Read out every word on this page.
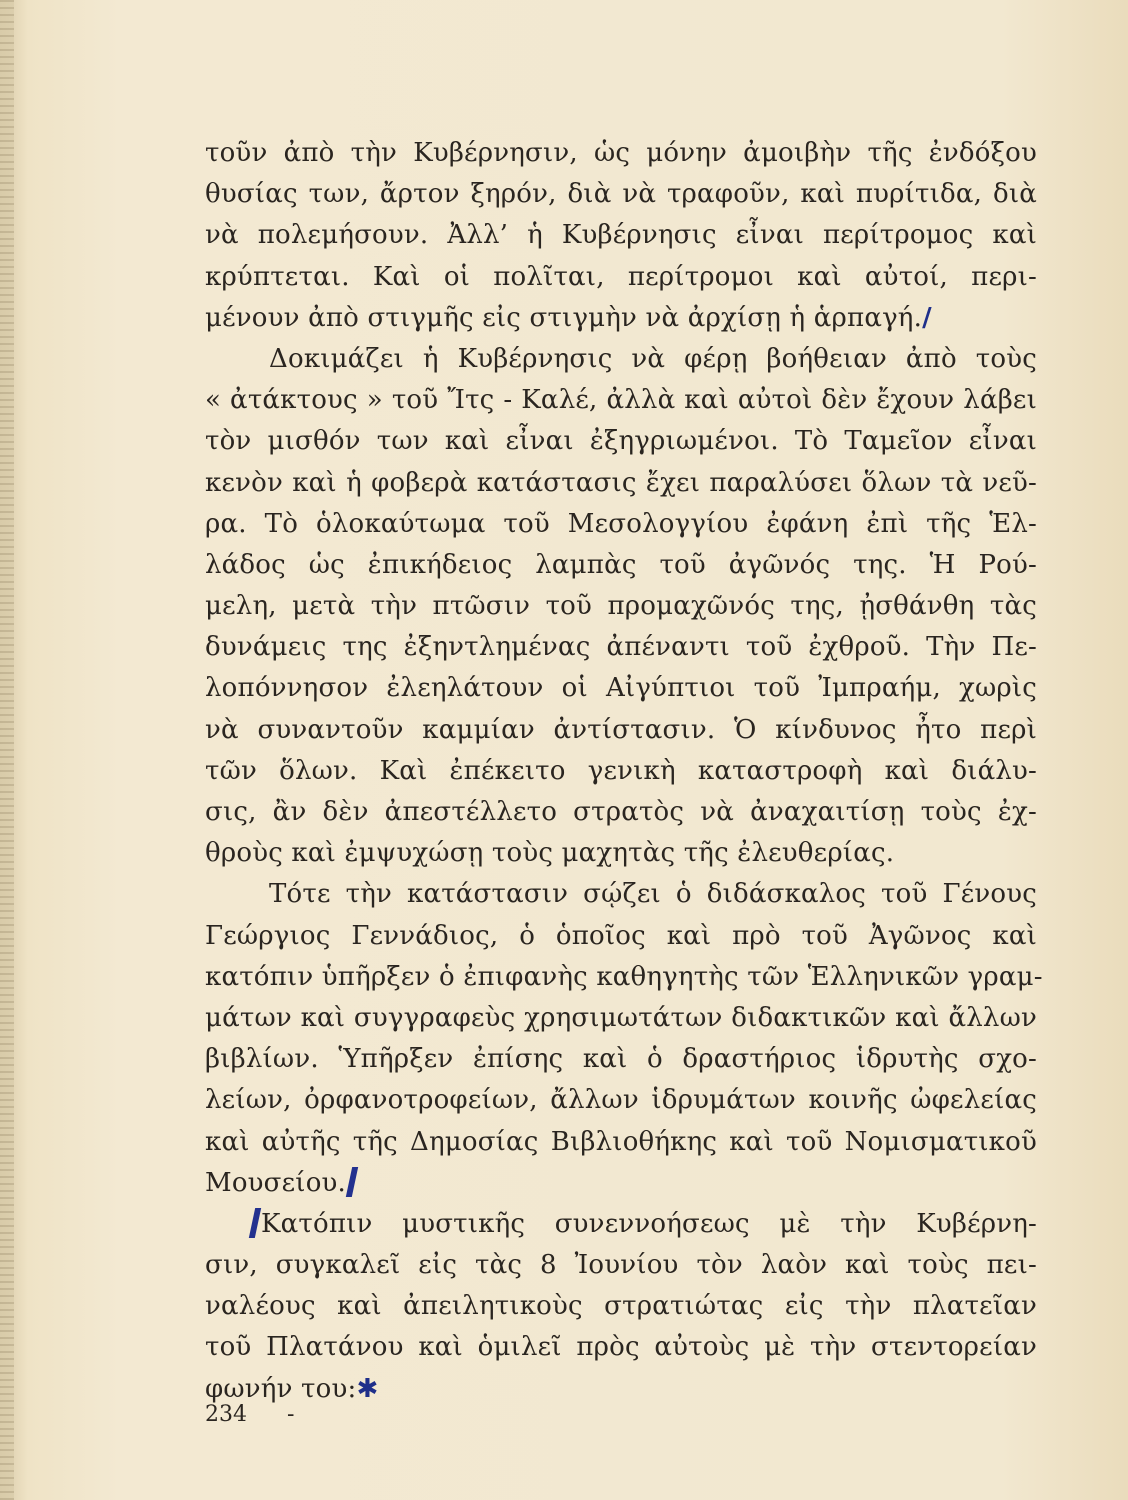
τοῦν ἀπὸ τὴν Κυβέρνησιν, ὡς μόνην ἀμοιβὴν τῆς ἐνδόξου
θυσίας των, ἄρτον ξηρόν, διὰ νὰ τραφοῦν, καὶ πυρίτιδα, διὰ
νὰ πολεμήσουν. Ἀλλ’ ἡ Κυβέρνησις εἶναι περίτρομος καὶ
κρύπτεται. Καὶ οἱ πολῖται, περίτρομοι καὶ αὐτοί, περι-
μένουν ἀπὸ στιγμῆς εἰς στιγμὴν νὰ ἀρχίσῃ ἡ ἁρπαγή./

Δοκιμάζει ἡ Κυβέρνησις νὰ φέρῃ βοήθειαν ἀπὸ τοὺς
« ἀτάκτους » τοῦ Ἴτς - Καλέ, ἀλλὰ καὶ αὐτοὶ δὲν ἔχουν λάβει
τὸν μισθόν των καὶ εἶναι ἐξηγριωμένοι. Τὸ Ταμεῖον εἶναι
κενὸν καὶ ἡ φοβερὰ κατάστασις ἔχει παραλύσει ὅλων τὰ νεῦ-
ρα. Τὸ ὁλοκαύτωμα τοῦ Μεσολογγίου ἐφάνη ἐπὶ τῆς Ἑλ-
λάδος ὡς ἐπικήδειος λαμπὰς τοῦ ἀγῶνός της. Ἡ Ρού-
μελη, μετὰ τὴν πτῶσιν τοῦ προμαχῶνός της, ᾐσθάνθη τὰς
δυνάμεις της ἐξηντλημένας ἀπέναντι τοῦ ἐχθροῦ. Τὴν Πε-
λοπόννησον ἐλεηλάτουν οἱ Αἰγύπτιοι τοῦ Ἰμπραήμ, χωρὶς
νὰ συναντοῦν καμμίαν ἀντίστασιν. Ὁ κίνδυνος ἦτο περὶ
τῶν ὅλων. Καὶ ἐπέκειτο γενικὴ καταστροφὴ καὶ διάλυ-
σις, ἂν δὲν ἀπεστέλλετο στρατὸς νὰ ἀναχαιτίσῃ τοὺς ἐχ-
θροὺς καὶ ἐμψυχώσῃ τοὺς μαχητὰς τῆς ἐλευθερίας.

Τότε τὴν κατάστασιν σῴζει ὁ διδάσκαλος τοῦ Γένους
Γεώργιος Γεννάδιος, ὁ ὁποῖος καὶ πρὸ τοῦ Ἀγῶνος καὶ
κατόπιν ὑπῆρξεν ὁ ἐπιφανὴς καθηγητὴς τῶν Ἑλληνικῶν γραμ-
μάτων καὶ συγγραφεὺς χρησιμωτάτων διδακτικῶν καὶ ἄλλων
βιβλίων. Ὑπῆρξεν ἐπίσης καὶ ὁ δραστήριος ἱδρυτὴς σχο-
λείων, ὀρφανοτροφείων, ἄλλων ἱδρυμάτων κοινῆς ὠφελείας
καὶ αὐτῆς τῆς Δημοσίας Βιβλιοθήκης καὶ τοῦ Νομισματικοῦ
Μουσείου.

Κατόπιν μυστικῆς συνεννοήσεως μὲ τὴν Κυβέρνη-
σιν, συγκαλεῖ εἰς τὰς 8 Ἰουνίου τὸν λαὸν καὶ τοὺς πει-
ναλέους καὶ ἀπειλητικοὺς στρατιώτας εἰς τὴν πλατεῖαν
τοῦ Πλατάνου καὶ ὁμιλεῖ πρὸς αὐτοὺς μὲ τὴν στεντορείαν
φωνήν του:✱

234 -
